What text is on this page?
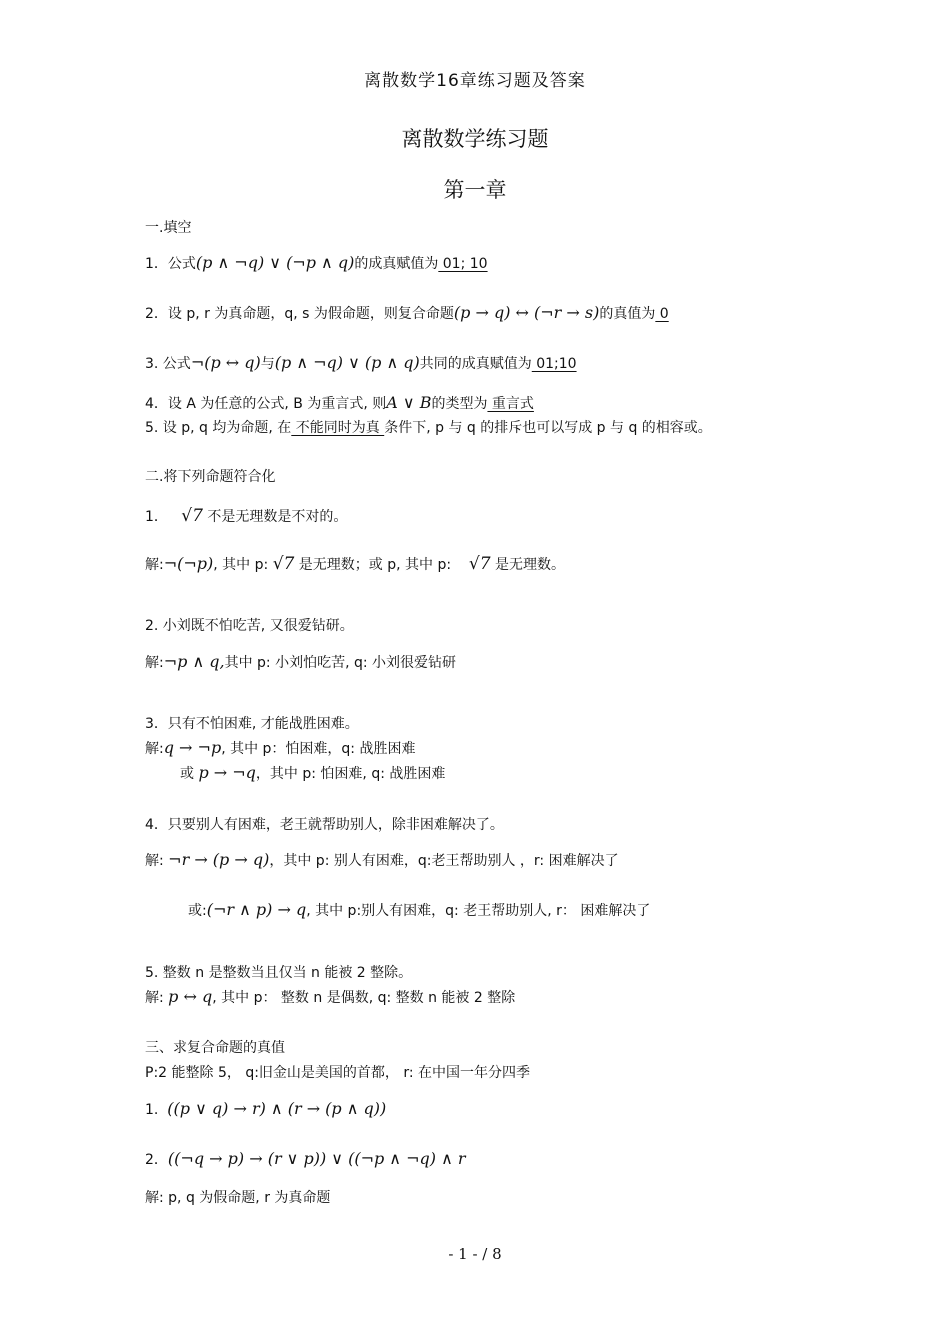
离散数学16章练习题及答案
离散数学练习题
第一章
一.填空
1．公式(p ∧ ¬q) ∨ (¬p ∧ q)的成真赋值为 01; 10
2．设 p, r 为真命题，q, s 为假命题，则复合命题(p → q) ↔ (¬r → s)的真值为 0
3. 公式¬(p ↔ q)与(p ∧ ¬q) ∨ (p ∧ q)共同的成真赋值为 01;10
4．设 A 为任意的公式, B 为重言式, 则A ∨ B的类型为 重言式
5. 设 p, q 均为命题, 在 不能同时为真 条件下, p 与 q 的排斥也可以写成 p 与 q 的相容或。
二.将下列命题符合化
1． √7 不是无理数是不对的。
解:¬(¬p), 其中 p: √7 是无理数；或 p, 其中 p: √7 是无理数。
2. 小刘既不怕吃苦, 又很爱钻研。
解:¬p ∧ q,其中 p: 小刘怕吃苦, q: 小刘很爱钻研
3．只有不怕困难, 才能战胜困难。
解:q → ¬p, 其中 p：怕困难，q: 战胜困难
或 p → ¬q，其中 p: 怕困难, q: 战胜困难
4．只要别人有困难，老王就帮助别人，除非困难解决了。
解: ¬r → (p → q)，其中 p: 别人有困难，q:老王帮助别人 ，r: 困难解决了
或:(¬r ∧ p) → q, 其中 p:别人有困难，q: 老王帮助别人, r： 困难解决了
5. 整数 n 是整数当且仅当 n 能被 2 整除。
解: p ↔ q, 其中 p： 整数 n 是偶数, q: 整数 n 能被 2 整除
三、求复合命题的真值
P:2 能整除 5， q:旧金山是美国的首都， r: 在中国一年分四季
1. ((p ∨ q) → r) ∧ (r → (p ∧ q))
2．((¬q → p) → (r ∨ p)) ∨ ((¬p ∧ ¬q) ∧ r
解: p, q 为假命题, r 为真命题
- 1 - / 8
